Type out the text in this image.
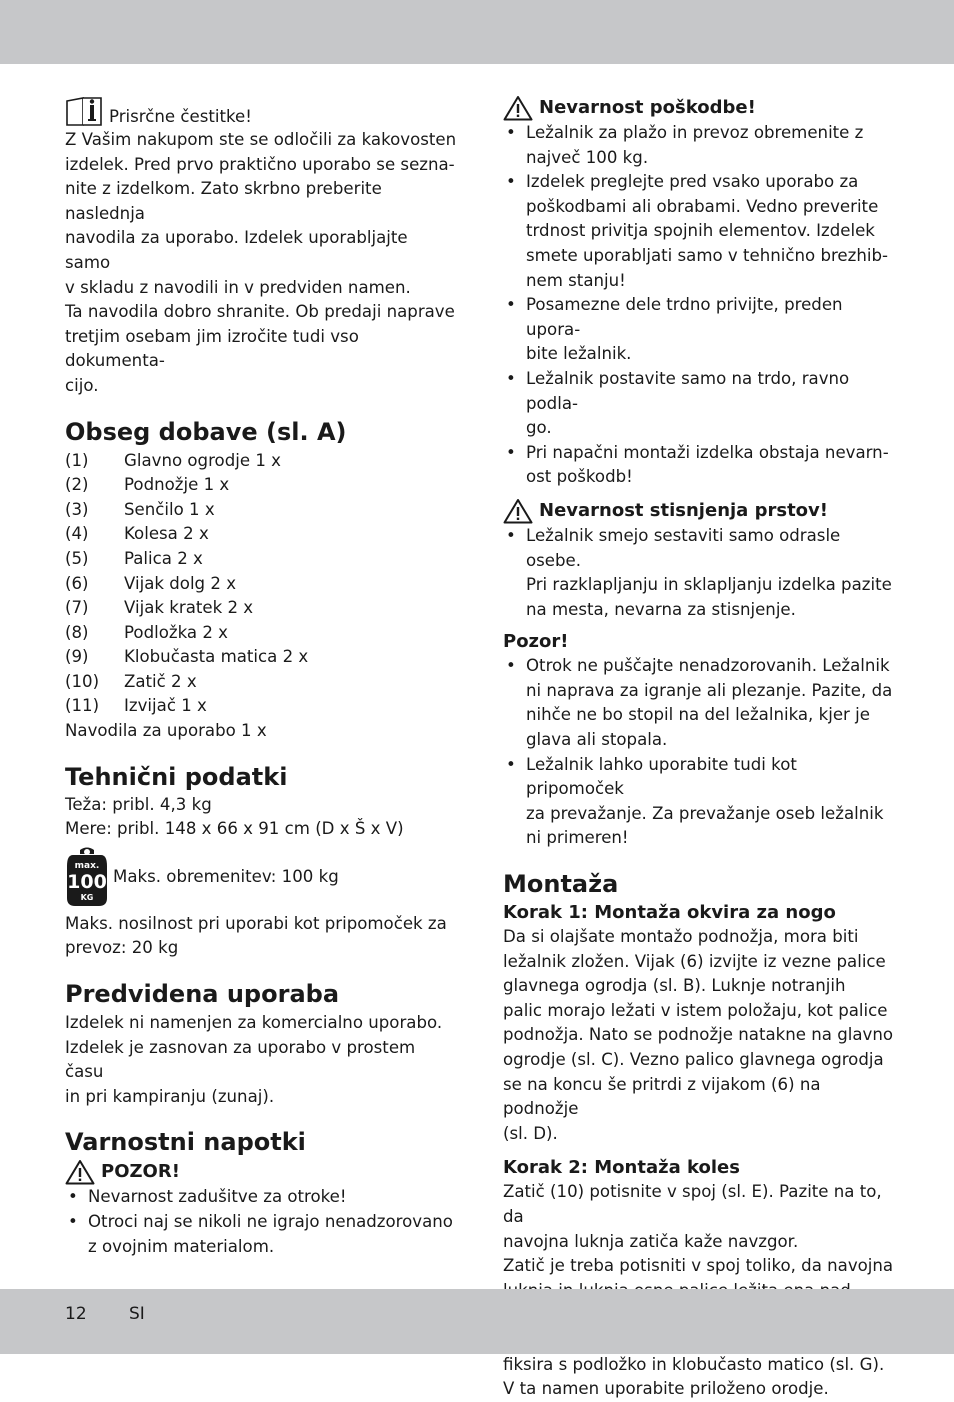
Prisrčne čestitke!

Z Vašim nakupom ste se odločili za kakovosten

izdelek. Pred prvo praktično uporabo se sezna-

nite z izdelkom. Zato skrbno preberite naslednja

navodila za uporabo. Izdelek uporabljajte samo

v skladu z navodili in v predviden namen.

Ta navodila dobro shranite. Ob predaji naprave

tretjim osebam jim izročite tudi vso dokumenta-

cijo.

Obseg dobave (sl. A)
(1)	Glavno ogrodje 1 x
(2)	Podnožje 1 x
(3)	Senčilo 1 x
(4)	Kolesa 2 x
(5)	Palica 2 x
(6)	Vijak dolg 2 x
(7)	Vijak kratek 2 x
(8)	Podložka 2 x
(9)	Klobučasta matica 2 x
(10)	Zatič 2 x
(11)	Izvijač 1 x
Navodila za uporabo 1 x
Tehnični podatki

Teža: pribl. 4,3 kg

Mere: pribl. 148 x 66 x 91 cm (D x Š x V)

max.
100
KG

Maks. obremenitev: 100 kg

Maks. nosilnost pri uporabi kot pripomoček za

prevoz: 20 kg

Predvidena uporaba

Izdelek ni namenjen za komercialno uporabo.

Izdelek je zasnovan za uporabo v prostem času

in pri kampiranju (zunaj).

Varnostni napotki
POZOR!
• Nevarnost zadušitve za otroke!
• Otroci naj se nikoli ne igrajo nenadzorovano
z ovojnim materialom.
Nevarnost poškodbe!
• Ležalnik za plažo in prevoz obremenite z
največ 100 kg.
• Izdelek preglejte pred vsako uporabo za
poškodbami ali obrabami. Vedno preverite
trdnost privitja spojnih elementov. Izdelek
smete uporabljati samo v tehnično brezhib-
nem stanju!
• Posamezne dele trdno privijte, preden upora-
bite ležalnik.
• Ležalnik postavite samo na trdo, ravno podla-
go.
• Pri napačni montaži izdelka obstaja nevarn-
ost poškodb!
Nevarnost stisnjenja prstov!
• Ležalnik smejo sestaviti samo odrasle osebe.
Pri razklapljanju in sklapljanju izdelka pazite
na mesta, nevarna za stisnjenje.
Pozor!
• Otrok ne puščajte nenadzorovanih. Ležalnik
ni naprava za igranje ali plezanje. Pazite, da
nihče ne bo stopil na del ležalnika, kjer je
glava ali stopala.
• Ležalnik lahko uporabite tudi kot pripomoček
za prevažanje. Za prevažanje oseb ležalnik
ni primeren!
Montaža
Korak 1: Montaža okvira za nogo

Da si olajšate montažo podnožja, mora biti

ležalnik zložen. Vijak (6) izvijte iz vezne palice

glavnega ogrodja (sl. B). Luknje notranjih

palic morajo ležati v istem položaju, kot palice

podnožja. Nato se podnožje natakne na glavno

ogrodje (sl. C). Vezno palico glavnega ogrodja

se na koncu še pritrdi z vijakom (6) na podnožje

(sl. D).

Korak 2: Montaža koles

Zatič (10) potisnite v spoj (sl. E). Pazite na to, da

navojna luknja zatiča kaže navzgor.

Zatič je treba potisniti v spoj toliko, da navojna

fiksira s podložko in klobučasto matico (sl. G).

V ta namen uporabite priloženo orodje.

12 SI
